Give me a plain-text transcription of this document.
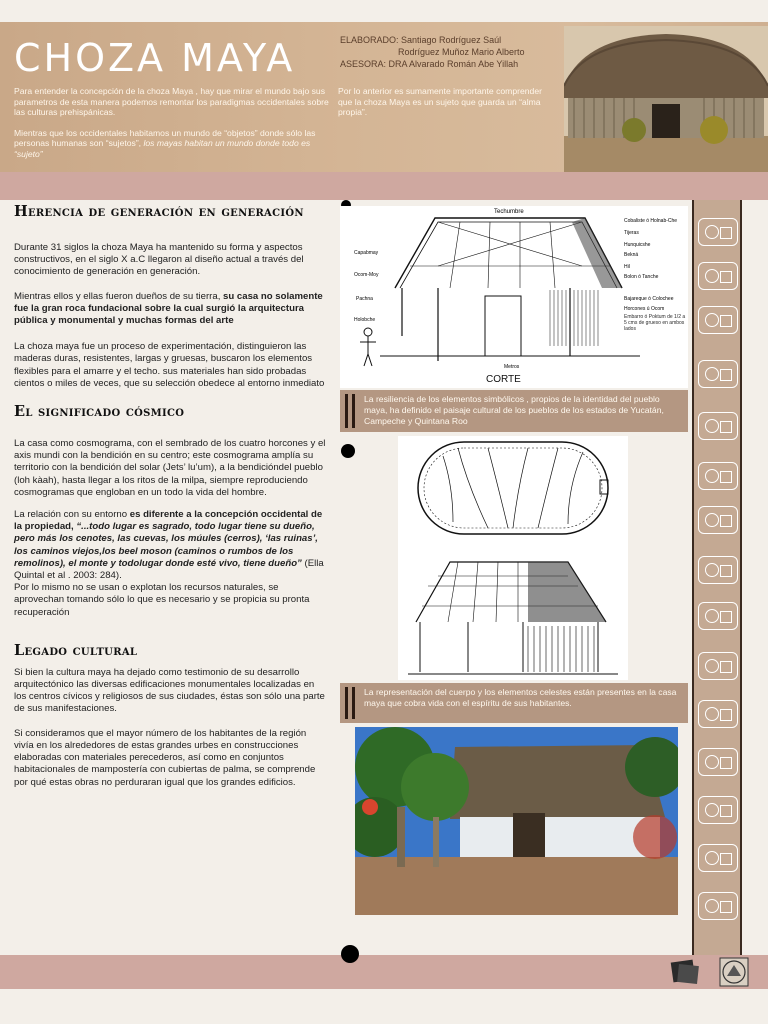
CHOZA MAYA	ELABORADO: Santiago Rodríguez Saúl
Rodríguez Muñoz Mario Alberto
ASESORA: DRA Alvarado Román Abe Yillah

Para entender la concepción de la choza Maya , hay que mirar el mundo bajo sus parametros de esta manera podemos remontar los paradigmas occidentales sobre las culturas prehispánicas.

Mientras que los occidentales habitamos un mundo de “objetos” donde sólo las personas humanas son “sujetos”, los mayas habitan un mundo donde todo es “sujeto”

Por lo anterior es sumamente importante comprender que la choza Maya es un sujeto que guarda un “alma propia”.
Herencia de generación en generación

Durante 31 siglos la choza Maya ha mantenido su forma y aspectos constructivos, en el siglo X a.C llegaron al diseño actual a través del conocimiento de generación en generación.

Mientras ellos y ellas fueron dueños de su tierra, su casa no solamente fue la gran roca fundacional sobre la cual surgió la arquitectura pública y monumental y muchas formas del arte

La choza maya fue un proceso de experimentación, distinguieron las maderas duras, resistentes, largas y gruesas, buscaron los elementos flexibles para el amarre y el techo. sus materiales han sido probadas cientos o miles de veces, que su selección obedece al entorno inmediato

El significado cósmico

La casa como cosmograma, con el sembrado de los cuatro horcones y el axis mundi con la bendición en su centro; este cosmograma amplía su territorio con la bendición del solar (Jets’ lu’um), a la bendicióndel pueblo (loh kàah), hasta llegar a los ritos de la milpa, siempre reproduciendo cosmogramas que engloban en un todo la vida del hombre.

La relación con su entorno es diferente a la concepción occidental de la propiedad, “...todo lugar es sagrado, todo lugar tiene su dueño, pero más los cenotes, las cuevas, los múules (cerros), ‘las ruinas’, los caminos viejos,los beel moson (caminos o rumbos de los remolinos), el monte y todolugar donde esté vivo, tiene dueño” (Ella Quintal et al . 2003: 284).

Por lo mismo no se usan o explotan los recursos naturales, se aprovechan tomando sólo lo que es necesario y se propicia su pronta recuperación

Legado cultural

Si bien la cultura maya ha dejado como testimonio de su desarrollo arquitectónico las diversas edificaciones monumentales localizadas en los centros cívicos y religiosos de sus ciudades, éstas son sólo una parte de sus manifestaciones.

Si consideramos que el mayor número de los habitantes de la región vivía en los alrededores de estas grandes urbes en construcciones elaboradas con materiales perecederos, así como en conjuntos habitacionales de mampostería con cubiertas de palma, se comprende por qué estas obras no perduraran igual que los grandes edificios.

Techumbre
CORTE
Metros
Capabmay
Ocom-Moy
Pachna
Holobche
Cobaliste ó Holnab-Che
Tijeras
Hunquicshe
Bekná
Hil
Bolon ó Tanche
Bajareque ó Colochee
Horcones ú Ocom
Embarro ó Poktum de 1/2 a 5 cms de grueso en ambos lados
La resiliencia de los elementos simbólicos , propios de la identidad del pueblo maya, ha definido el paisaje cultural de los pueblos de los estados de Yucatán, Campeche y Quintana Roo
La representación del cuerpo y los elementos celestes están presentes en la casa maya que cobra vida con el espíritu de sus habitantes.
